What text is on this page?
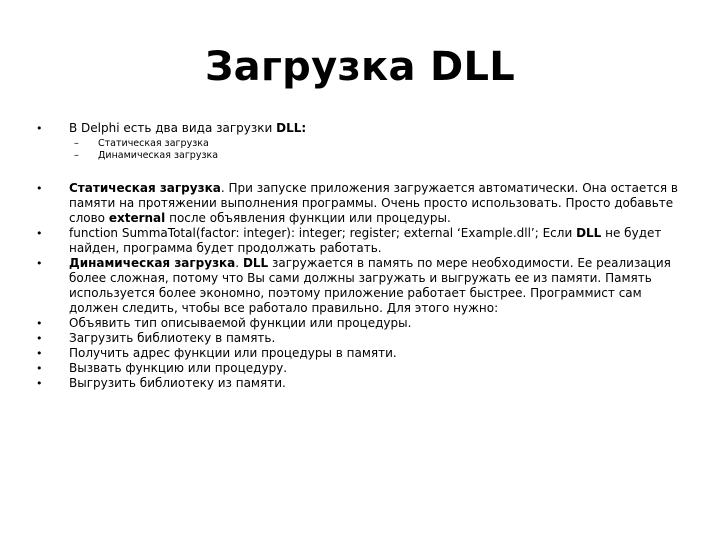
Загрузка DLL
• В Delphi есть два вида загрузки DLL:
– Статическая загрузка
– Динамическая загрузка
• Статическая загрузка. При запуске приложения загружается автоматически. Она остается в памяти на протяжении выполнения программы. Очень просто использовать. Просто добавьте слово external после объявления функции или процедуры.
• function SummaTotal(factor: integer): integer; register; external ‘Example.dll’; Если DLL не будет найден, программа будет продолжать работать.
• Динамическая загрузка. DLL загружается в память по мере необходимости. Ее реализация более сложная, потому что Вы сами должны загружать и выгружать ее из памяти. Память используется более экономно, поэтому приложение работает быстрее. Программист сам должен следить, чтобы все работало правильно. Для этого нужно:
• Объявить тип описываемой функции или процедуры.
• Загрузить библиотеку в память.
• Получить адрес функции или процедуры в памяти.
• Вызвать функцию или процедуру.
• Выгрузить библиотеку из памяти.
